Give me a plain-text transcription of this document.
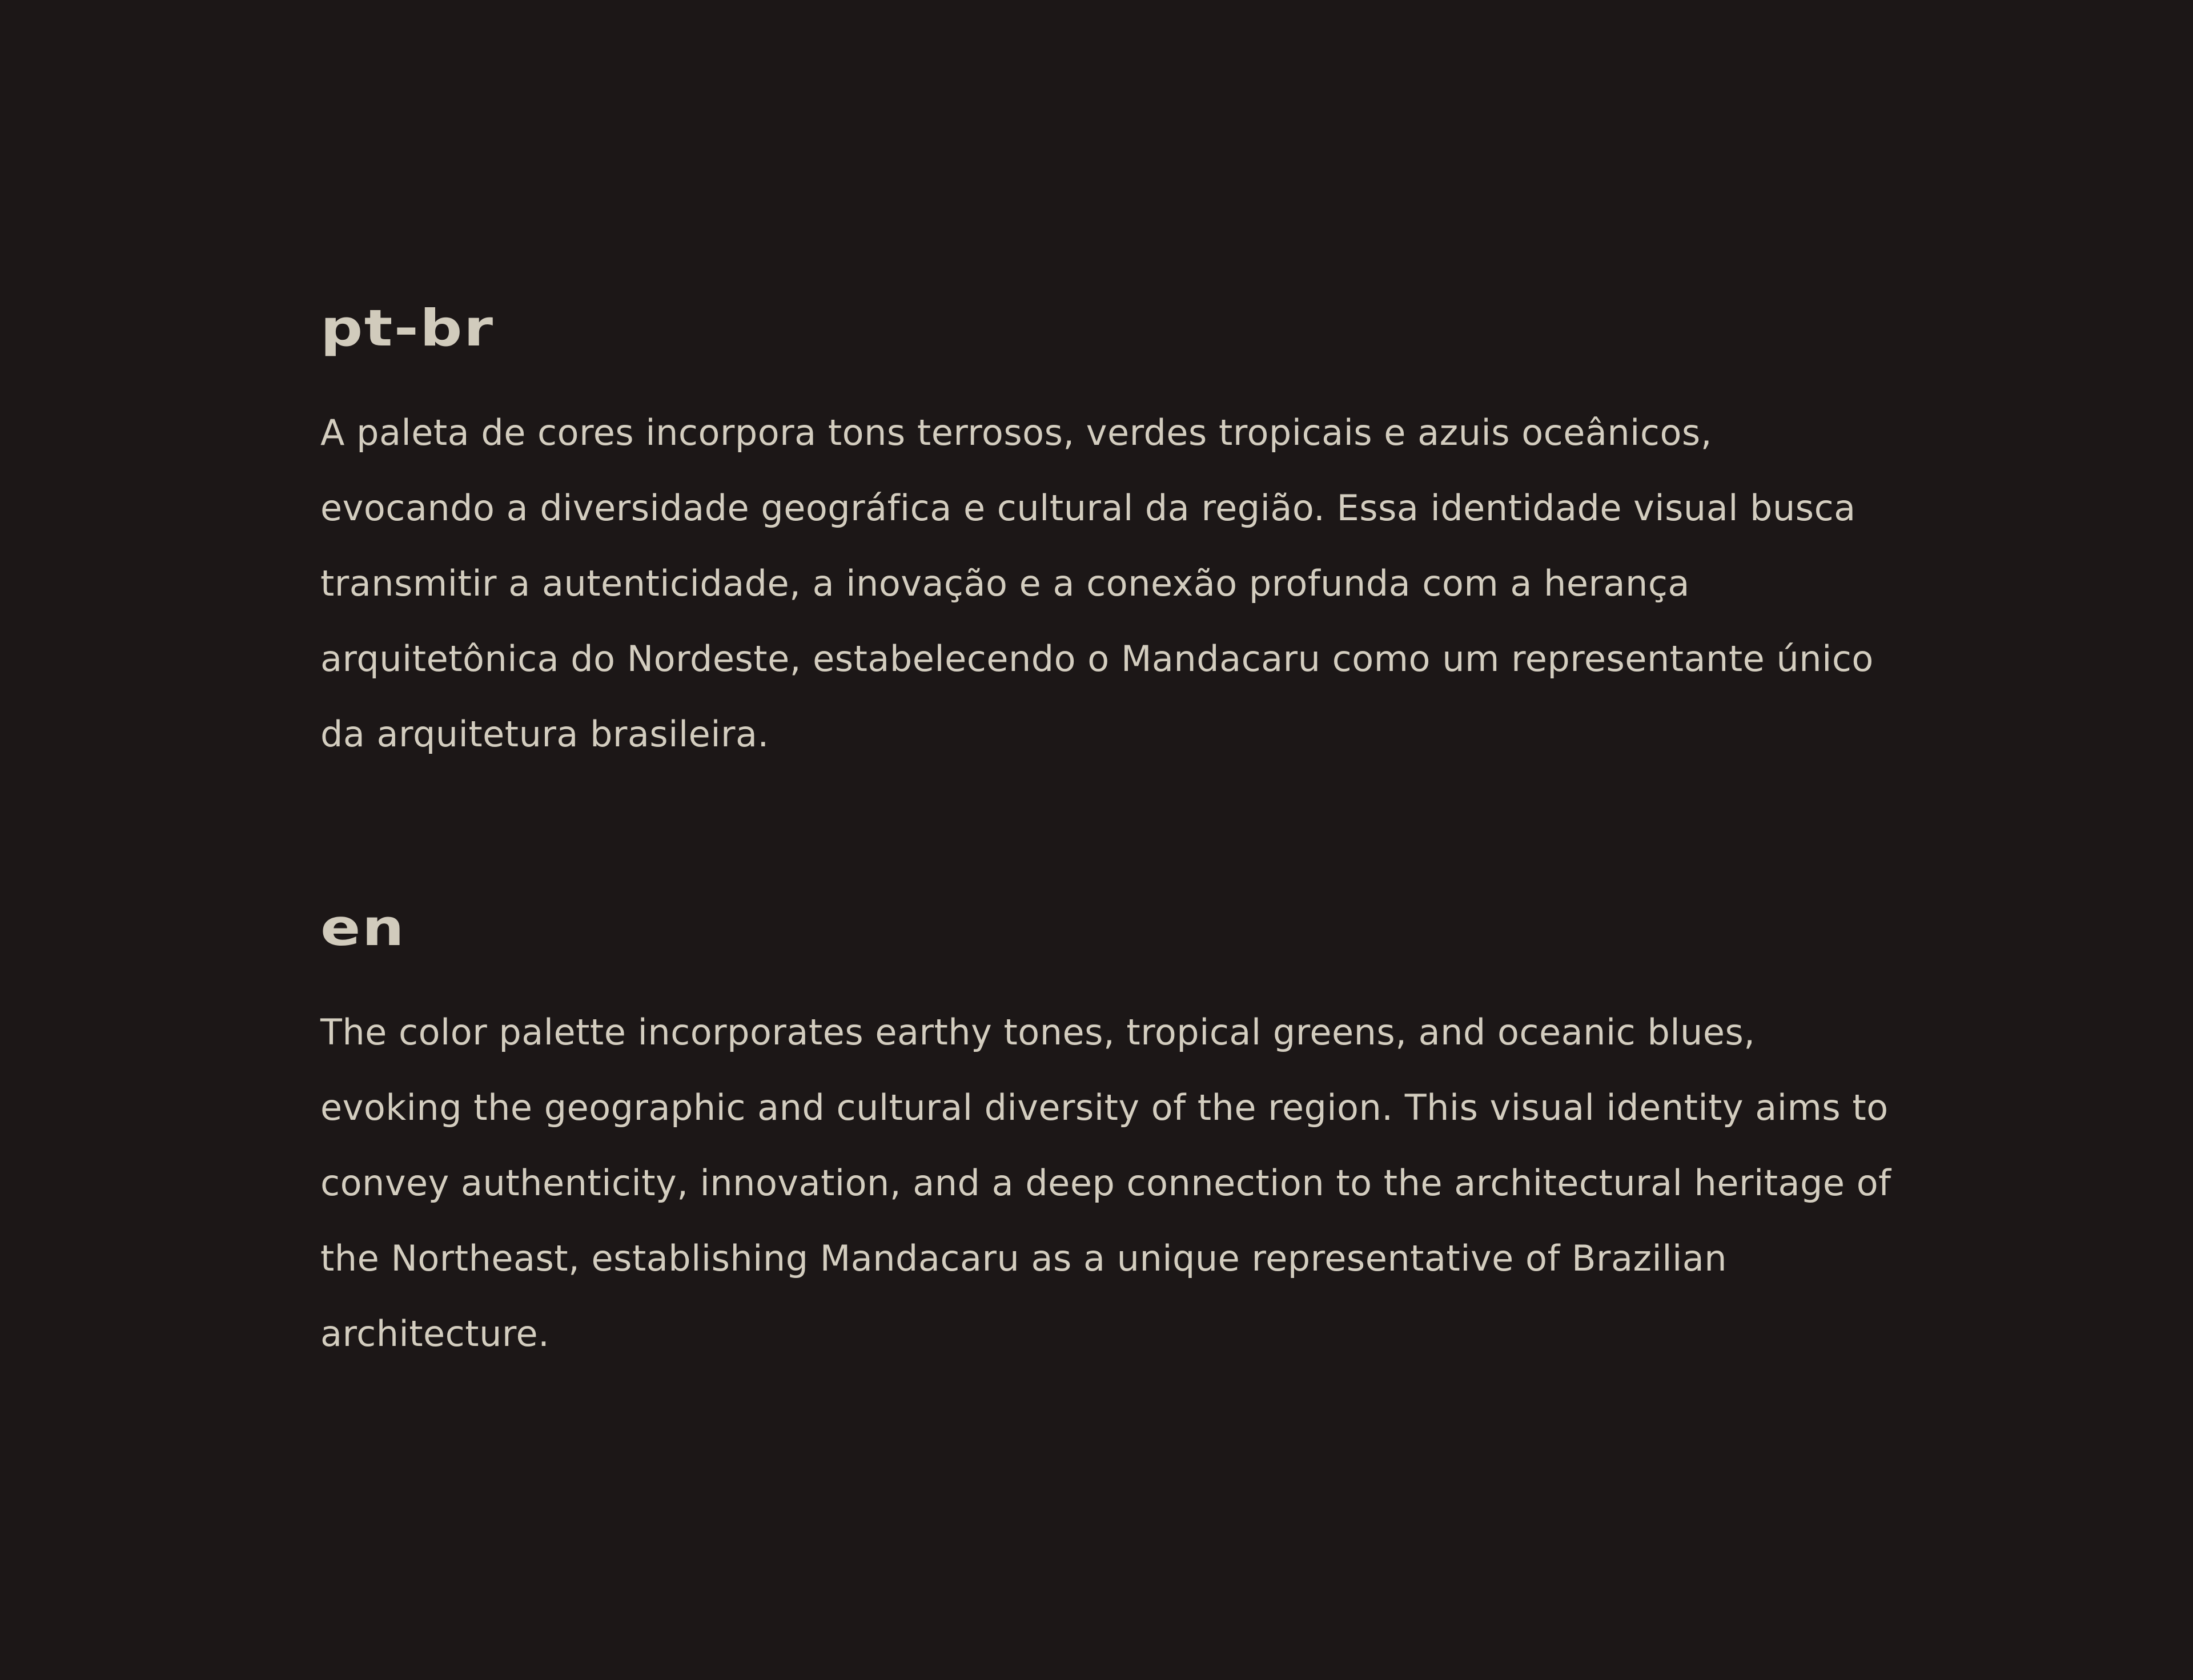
pt-br

A paleta de cores incorpora tons terrosos, verdes tropicais e azuis oceânicos, evocando a diversidade geográfica e cultural da região. Essa identidade visual busca transmitir a autenticidade, a inovação e a conexão profunda com a herança arquitetônica do Nordeste, estabelecendo o Mandacaru como um representante único da arquitetura brasileira.

en

The color palette incorporates earthy tones, tropical greens, and oceanic blues, evoking the geographic and cultural diversity of the region. This visual identity aims to convey authenticity, innovation, and a deep connection to the architectural heritage of the Northeast, establishing Mandacaru as a unique representative of Brazilian architecture.
